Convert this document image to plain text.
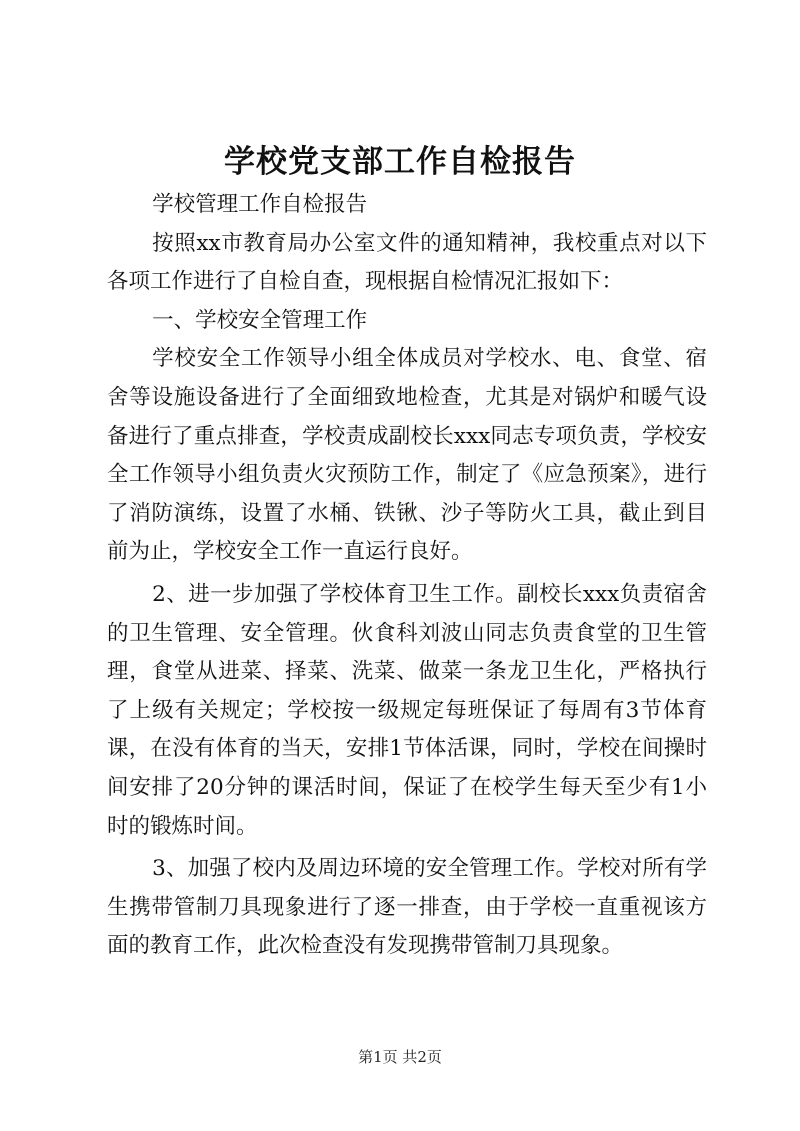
学校党支部工作自检报告

学校管理工作自检报告

按照xx市教育局办公室文件的通知精神，我校重点对以下各项工作进行了自检自查，现根据自检情况汇报如下：

一、学校安全管理工作

学校安全工作领导小组全体成员对学校水、电、食堂、宿舍等设施设备进行了全面细致地检查，尤其是对锅炉和暖气设备进行了重点排查，学校责成副校长xxx同志专项负责，学校安全工作领导小组负责火灾预防工作，制定了《应急预案》，进行了消防演练，设置了水桶、铁锹、沙子等防火工具，截止到目前为止，学校安全工作一直运行良好。

2、进一步加强了学校体育卫生工作。副校长xxx负责宿舍的卫生管理、安全管理。伙食科刘波山同志负责食堂的卫生管理，食堂从进菜、择菜、洗菜、做菜一条龙卫生化，严格执行了上级有关规定；学校按一级规定每班保证了每周有3节体育课，在没有体育的当天，安排1节体活课，同时，学校在间操时间安排了20分钟的课活时间，保证了在校学生每天至少有1小时的锻炼时间。

3、加强了校内及周边环境的安全管理工作。学校对所有学生携带管制刀具现象进行了逐一排查，由于学校一直重视该方面的教育工作，此次检查没有发现携带管制刀具现象。

第1页 共2页
